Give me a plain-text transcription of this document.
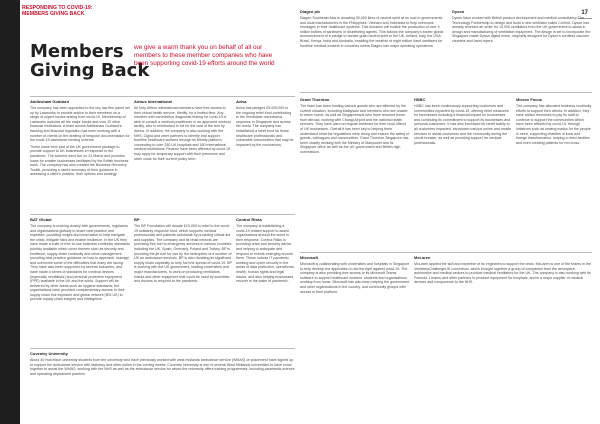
RESPONDING TO COVID-19:
MEMBERS GIVING BACK	17
Members
Giving Back
we give a warm thank you on behalf of all our members to these member companies who have been supporting covid-19 efforts around the world
Diageo plc

Diageo Southeast Asia is donating 90,000 litres of neutral spirit at no cost to governments and local manufacturers in the Philippines, Vietnam and Indonesia to help overcome shortages in their healthcare systems. This donation will enable the production of over 4 million bottles of sanitisers or disinfecting agents. This follows the company's earlier global announcement of a pledge to donate grain neutral spirit to the UK, Ireland, Italy, the USA, Brazil, Kenya, India and Australia, enabling the creation of eight million hand sanitisers for frontline medical workers in countries where Diageo has major operating operations.

Dyson

Dyson have worked with British product development and medical consultancy The Technology Partnership to design and build a new ventilator called CoVent. Dyson has already received an order for 10,000 ventilators from the UK government to assist in design and manufacturing of ventilation equipment. The design is set to incorporate the Singapore-made Dyson digital motor, originally designed for Dyson's cordless vacuum cleaners and hand dryers.

Addleshaw Goddard

The company has been appointed to the key law firm panel set up by Lawworks to provide advice to their members on a range of urgent issues arising from covid-19. Membership of Lawworks includes all the major banks and over 20 other financial institutions. A team across Addleshaw Goddard's banking and financial regulation has been working with a number of clients on the drafting of bespoke documentation for the covid-19 assistance lending scheme.

These loans form part of the UK government package to provide support to UK businesses in response to the pandemic. The scheme went live on 23 March and provides loans for smaller businesses facilitated by the British business bank. The company has also created the Business Recovery Toolkit, providing a useful summary of their guidance in assessing a client's position, their options and strategy.

Airbus International

All forty Airbus international members have free access to their virtual health service, Medify, for a limited time. Any member with coronavirus diagnostic testing for covid-19 is able to consult a medical practitioner in an approved medical facility, who is reimbursed in full for the cost of the test by Airbus. In addition, the company is also working with the NHS, Cigna and other partners to identify and support frontline healthcare workers through its Medify platform, connecting to over 250 UK hospitals and 180 international medical institutions. Finance have been affected by covid-19 may apply for temporary support with their premiums and other costs for their current policy term.

Aviva

Aviva has pledged £5,000,000 to the ongoing relief fund contributing to the immediate coronavirus response in Singapore and across the world. The company has established a relief fund for those healthcare professionals and vulnerable communities that may be impacted by the coronavirus.

Grant Thornton

The team has been hosting various guests who are affected by the current situation, including Malaysian and members who are unable to return home, as well as Singaporeans who have returned home from abroad, working with Changi Airport and the national health services. They have also run regular webinars for their local offices of UK businesses. Overall it has been key to helping them understand what the regulations were doing and ensure the safety of guests, colleagues and communities. Grant Thornton Singapore has been closely working with the Ministry of Manpower and its Singapore office as well as the UK government and British high commission.

HSBC

HSBC has been continuously supporting customers and communities impacted by covid-19, offering relief measures for businesses including a financial impact for businesses and continuing its commitment to support its businesses and personal customers. It has also increased its credit facility to all customers impacted, introduced various online and mobile services to assist customers and the community during the circuit breaker, as well as providing support for medical professionals.

Micron Focus

The company has allocated business continuity efforts to support their clients. In addition, they have added resources to pay its staff to continue to support the communities which have been affected by covid-19, through initiatives such as sewing masks for the people in need, supporting charities in local and foreign transformation, helping to feed families and even creating patients for red cross.

BAT Global

The company is working closely with governments, regulators and organisations globally to share best practice and expertise, providing insight and information to help navigate the crisis, mitigate risks and enable resilience. In the UK they have made a suite of free-to-use business continuity standards publicly available which cover themes such as security and resilience, supply chain continuity and crisis management, providing best practice guidance on how to approach, manage and overcome some of the difficulties that many are facing. They have also been supported by several industries, and have made a series of standards for medical devices (especially ventilators) and personal protective equipment (PPE) available in the UK and the world. Support will be delivered by other areas such as hygiene standards, the organisations have provided complementary access to their supply chain risk exposure and global network (BSI UK) to provide supply chain insights and intelligence.

BP

The BP Foundation will donate £10,000 in relief to the covid-19 solidarity response fund, which supports medical professionals and patients worldwide by providing critical aid and supplies. The company and its retail network are providing free fuel to emergency services in various countries including the UK, Spain, Germany, Poland and Turkey. BP is providing the jet fuel for use by the helicopters of a number of UK air ambulance services. BP is also donating its significant supply chain capability to help fuel the spread of covid-19. BP is working with the UK government, leading universities and major manufacturers, to work on producing ventilators, masks and other equipment that could be used by scientists and doctors to respond to the pandemic.

Control Risks

The company is establishing a covid-19 related support to assist organisations around the world in their response. Control Risks is providing crisis and security advice and helping to anticipate and respond to events emerging around them. These include IT pandemic working and cyber security in the areas of data protection, operational health, human rights and legal issues, and also helping businesses recover in the wake of pandemic.

Microsoft

Microsoft is collaborating with universities and hospitals in Singapore to help develop the application to aid the fight against covid-19. The company is also providing free access to its Microsoft Teams software to support healthcare workers, students and organisations working from home. Microsoft has also been helping the government and other organisations in the country, and community groups with access to their platform.

McLaren

McLaren applied the skill and expertise of its engineers to support the crisis: McLaren is one of the teams in the VentilatorChallengeUK consortium, which brought together a group of companies from the aerospace, automotive and medical sectors to produce medical ventilators for the UK. The company is also working with its Formula 1 teams and other partners to produce equipment for hospitals, and is a major supplier of medical devices and components to the NHS.

Coventry University

About 40 Hutchison university students from the university who have previously worked with west midlands ambulance service (WMAS) on placement have signed up to support the ambulance service with statutory and other duties in the coming weeks. Coventry University is one of several West Midlands universities to have come together to assist the WMAS, working with the NHS as well as the ambulance service for whom the university offers training programmes, including paramedic science and operating department practice.
